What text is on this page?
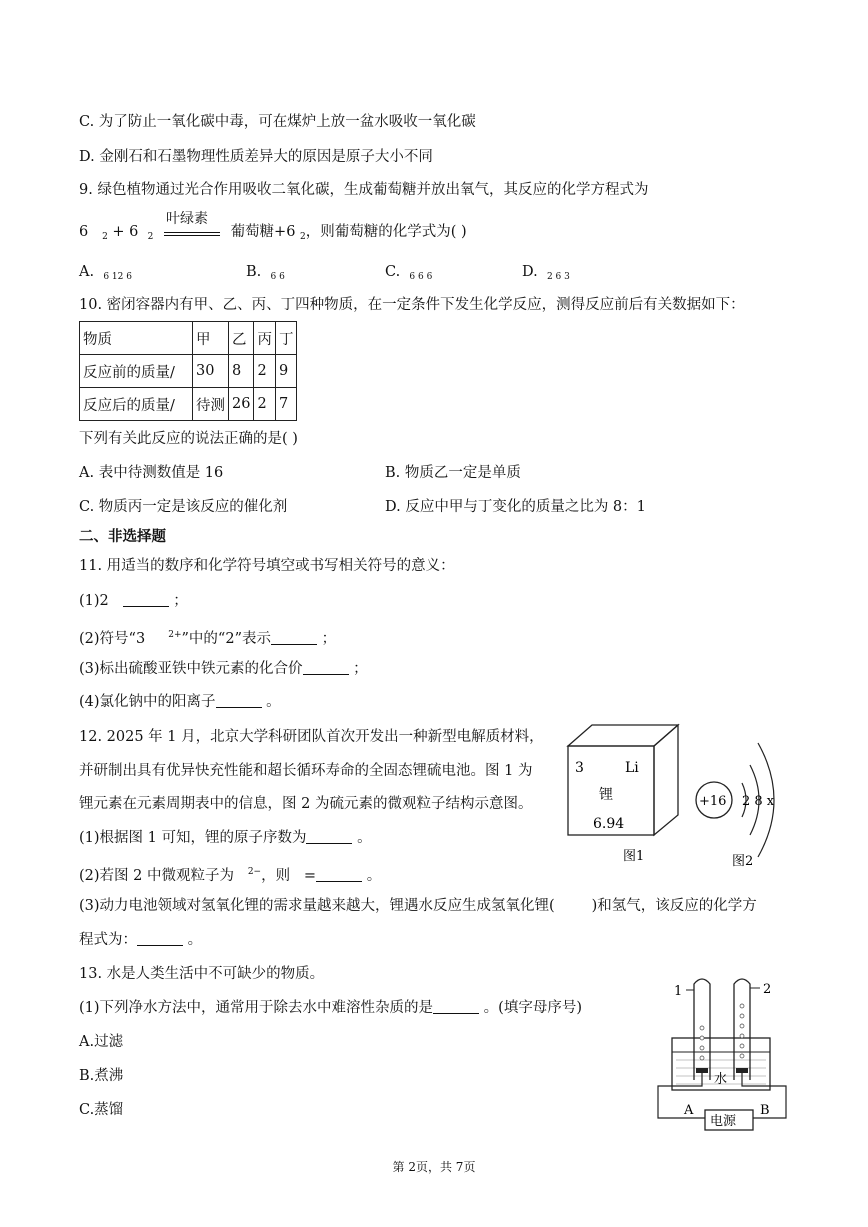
C. 为了防止一氧化碳中毒，可在煤炉上放一盆水吸收一氧化碳
D. 金刚石和石墨物理性质差异大的原因是原子大小不同
9. 绿色植物通过光合作用吸收二氧化碳，生成葡萄糖并放出氧气，其反应的化学方程式为
6 $_2$ + 6 $_2$
叶绿素
葡萄糖+6 $_2$，则葡萄糖的化学式为( )
A. $_{6 12 6}$	B. $_{6 6}$	C. $_{6 6 6}$	D. $_{2 6 3}$
10. 密闭容器内有甲、乙、丙、丁四种物质，在一定条件下发生化学反应，测得反应前后有关数据如下：
物质	甲	乙	丙	丁
反应前的质量/	30	8	2	9
反应后的质量/	待测	26	2	7
下列有关此反应的说法正确的是( )
A. 表中待测数值是 16	B. 物质乙一定是单质
C. 物质丙一定是该反应的催化剂	D. 反应中甲与丁变化的质量之比为 8：1
二、非选择题
11. 用适当的数序和化学符号填空或书写相关符号的意义：
(1)2	；
(2)符号“3	$^{2+}$”中的“2”表示	；
(3)标出硫酸亚铁中铁元素的化合价	；
(4)氯化钠中的阳离子	。
12. 2025 年 1 月，北京大学科研团队首次开发出一种新型电解质材料，
并研制出具有优异快充性能和超长循环寿命的全固态锂硫电池。图 1 为
锂元素在元素周期表中的信息，图 2 为硫元素的微观粒子结构示意图。
(1)根据图 1 可知，锂的原子序数为	。
(2)若图 2 中微观粒子为 $^{2-}$，则 =	。
(3)动力电池领域对氢氧化锂的需求量越来越大，锂遇水反应生成氢氧化锂(	)和氢气，该反应的化学方
程式为：	。
3	Li
锂
6.94
图1
+16 2 8 x
图2
13. 水是人类生活中不可缺少的物质。
(1)下列净水方法中，通常用于除去水中难溶性杂质的是	。(填字母序号)
A.过滤
B.煮沸
C.蒸馏
1	2
水
电源
A	B
第 2页，共 7页
